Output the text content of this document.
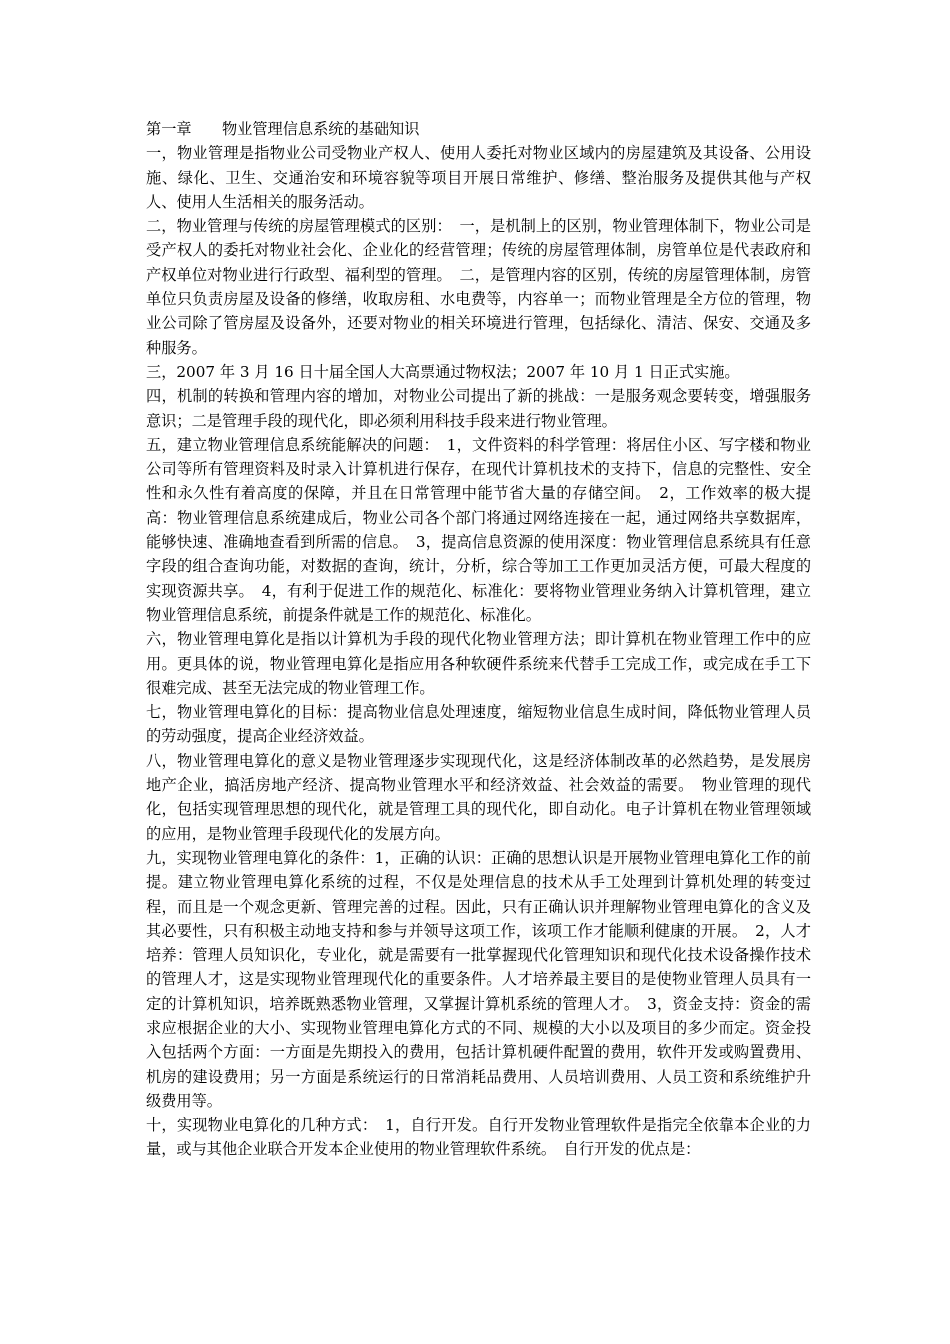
第一章　　物业管理信息系统的基础知识

一，物业管理是指物业公司受物业产权人、使用人委托对物业区域内的房屋建筑及其设备、公用设施、绿化、卫生、交通治安和环境容貌等项目开展日常维护、修缮、整治服务及提供其他与产权人、使用人生活相关的服务活动。

二，物业管理与传统的房屋管理模式的区别：　一，是机制上的区别，物业管理体制下，物业公司是受产权人的委托对物业社会化、企业化的经营管理；传统的房屋管理体制，房管单位是代表政府和产权单位对物业进行行政型、福利型的管理。　二，是管理内容的区别，传统的房屋管理体制，房管单位只负责房屋及设备的修缮，收取房租、水电费等，内容单一；而物业管理是全方位的管理，物业公司除了管房屋及设备外，还要对物业的相关环境进行管理，包括绿化、清洁、保安、交通及多种服务。

三，2007 年 3 月 16 日十届全国人大高票通过物权法；2007 年 10 月 1 日正式实施。

四，机制的转换和管理内容的增加，对物业公司提出了新的挑战：一是服务观念要转变，增强服务意识；二是管理手段的现代化，即必须利用科技手段来进行物业管理。

五，建立物业管理信息系统能解决的问题：　1，文件资料的科学管理：将居住小区、写字楼和物业公司等所有管理资料及时录入计算机进行保存，在现代计算机技术的支持下，信息的完整性、安全性和永久性有着高度的保障，并且在日常管理中能节省大量的存储空间。　2，工作效率的极大提高：物业管理信息系统建成后，物业公司各个部门将通过网络连接在一起，通过网络共享数据库，能够快速、准确地查看到所需的信息。　3，提高信息资源的使用深度：物业管理信息系统具有任意字段的组合查询功能，对数据的查询，统计，分析，综合等加工工作更加灵活方便，可最大程度的实现资源共享。　4，有利于促进工作的规范化、标准化：要将物业管理业务纳入计算机管理，建立物业管理信息系统，前提条件就是工作的规范化、标准化。

六，物业管理电算化是指以计算机为手段的现代化物业管理方法；即计算机在物业管理工作中的应用。更具体的说，物业管理电算化是指应用各种软硬件系统来代替手工完成工作，或完成在手工下很难完成、甚至无法完成的物业管理工作。

七，物业管理电算化的目标：提高物业信息处理速度，缩短物业信息生成时间，降低物业管理人员的劳动强度，提高企业经济效益。

八，物业管理电算化的意义是物业管理逐步实现现代化，这是经济体制改革的必然趋势，是发展房地产企业，搞活房地产经济、提高物业管理水平和经济效益、社会效益的需要。　物业管理的现代化，包括实现管理思想的现代化，就是管理工具的现代化，即自动化。电子计算机在物业管理领域的应用，是物业管理手段现代化的发展方向。

九，实现物业管理电算化的条件：1，正确的认识：正确的思想认识是开展物业管理电算化工作的前提。建立物业管理电算化系统的过程，不仅是处理信息的技术从手工处理到计算机处理的转变过程，而且是一个观念更新、管理完善的过程。因此，只有正确认识并理解物业管理电算化的含义及其必要性，只有积极主动地支持和参与并领导这项工作，该项工作才能顺利健康的开展。　2，人才培养：管理人员知识化，专业化，就是需要有一批掌握现代化管理知识和现代化技术设备操作技术的管理人才，这是实现物业管理现代化的重要条件。人才培养最主要目的是使物业管理人员具有一定的计算机知识，培养既熟悉物业管理，又掌握计算机系统的管理人才。　3，资金支持：资金的需求应根据企业的大小、实现物业管理电算化方式的不同、规模的大小以及项目的多少而定。资金投入包括两个方面：一方面是先期投入的费用，包括计算机硬件配置的费用，软件开发或购置费用、机房的建设费用；另一方面是系统运行的日常消耗品费用、人员培训费用、人员工资和系统维护升级费用等。

十，实现物业电算化的几种方式：　1，自行开发。自行开发物业管理软件是指完全依靠本企业的力量，或与其他企业联合开发本企业使用的物业管理软件系统。　自行开发的优点是：
